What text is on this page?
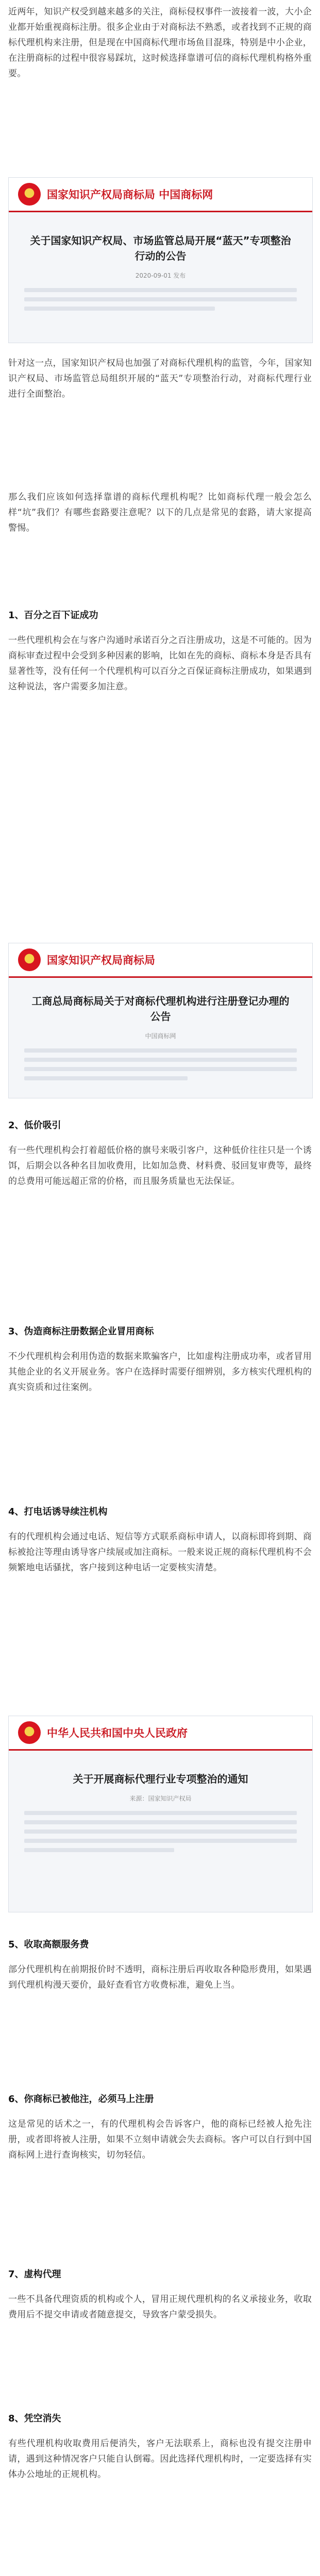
近两年，知识产权受到越来越多的关注，商标侵权事件一波接着一波，大小企业都开始重视商标注册。很多企业由于对商标法不熟悉，或者找到不正规的商标代理机构来注册，但是现在中国商标代理市场鱼目混珠，特别是中小企业，在注册商标的过程中很容易踩坑，这时候选择靠谱可信的商标代理机构格外重要。

国家知识产权局商标局 中国商标网
关于国家知识产权局、市场监管总局开展“蓝天”专项整治行动的公告
2020-09-01 发布

针对这一点，国家知识产权局也加强了对商标代理机构的监管，今年，国家知识产权局、市场监管总局组织开展的“蓝天”专项整治行动，对商标代理行业进行全面整治。

那么我们应该如何选择靠谱的商标代理机构呢？比如商标代理一般会怎么样“坑”我们？有哪些套路要注意呢？以下的几点是常见的套路，请大家提高警惕。

1、百分之百下证成功

一些代理机构会在与客户沟通时承诺百分之百注册成功，这是不可能的。因为商标审查过程中会受到多种因素的影响，比如在先的商标、商标本身是否具有显著性等，没有任何一个代理机构可以百分之百保证商标注册成功，如果遇到这种说法，客户需要多加注意。

国家知识产权局商标局
工商总局商标局关于对商标代理机构进行注册登记办理的公告
中国商标网
2、低价吸引

有一些代理机构会打着超低价格的旗号来吸引客户，这种低价往往只是一个诱饵，后期会以各种名目加收费用，比如加急费、材料费、驳回复审费等，最终的总费用可能远超正常的价格，而且服务质量也无法保证。

3、伪造商标注册数据企业冒用商标

不少代理机构会利用伪造的数据来欺骗客户，比如虚构注册成功率，或者冒用其他企业的名义开展业务。客户在选择时需要仔细辨别，多方核实代理机构的真实资质和过往案例。

4、打电话诱导续注机构

有的代理机构会通过电话、短信等方式联系商标申请人，以商标即将到期、商标被抢注等理由诱导客户续展或加注商标。一般来说正规的商标代理机构不会频繁地电话骚扰，客户接到这种电话一定要核实清楚。

中华人民共和国中央人民政府
关于开展商标代理行业专项整治的通知
来源：国家知识产权局
5、收取高额服务费

部分代理机构在前期报价时不透明，商标注册后再收取各种隐形费用，如果遇到代理机构漫天要价，最好查看官方收费标准，避免上当。

6、你商标已被他注，必须马上注册

这是常见的话术之一，有的代理机构会告诉客户，他的商标已经被人抢先注册，或者即将被人注册，如果不立刻申请就会失去商标。客户可以自行到中国商标网上进行查询核实，切勿轻信。

7、虚构代理

一些不具备代理资质的机构或个人，冒用正规代理机构的名义承接业务，收取费用后不提交申请或者随意提交，导致客户蒙受损失。

8、凭空消失

有些代理机构收取费用后便消失，客户无法联系上，商标也没有提交注册申请，遇到这种情况客户只能自认倒霉。因此选择代理机构时，一定要选择有实体办公地址的正规机构。
